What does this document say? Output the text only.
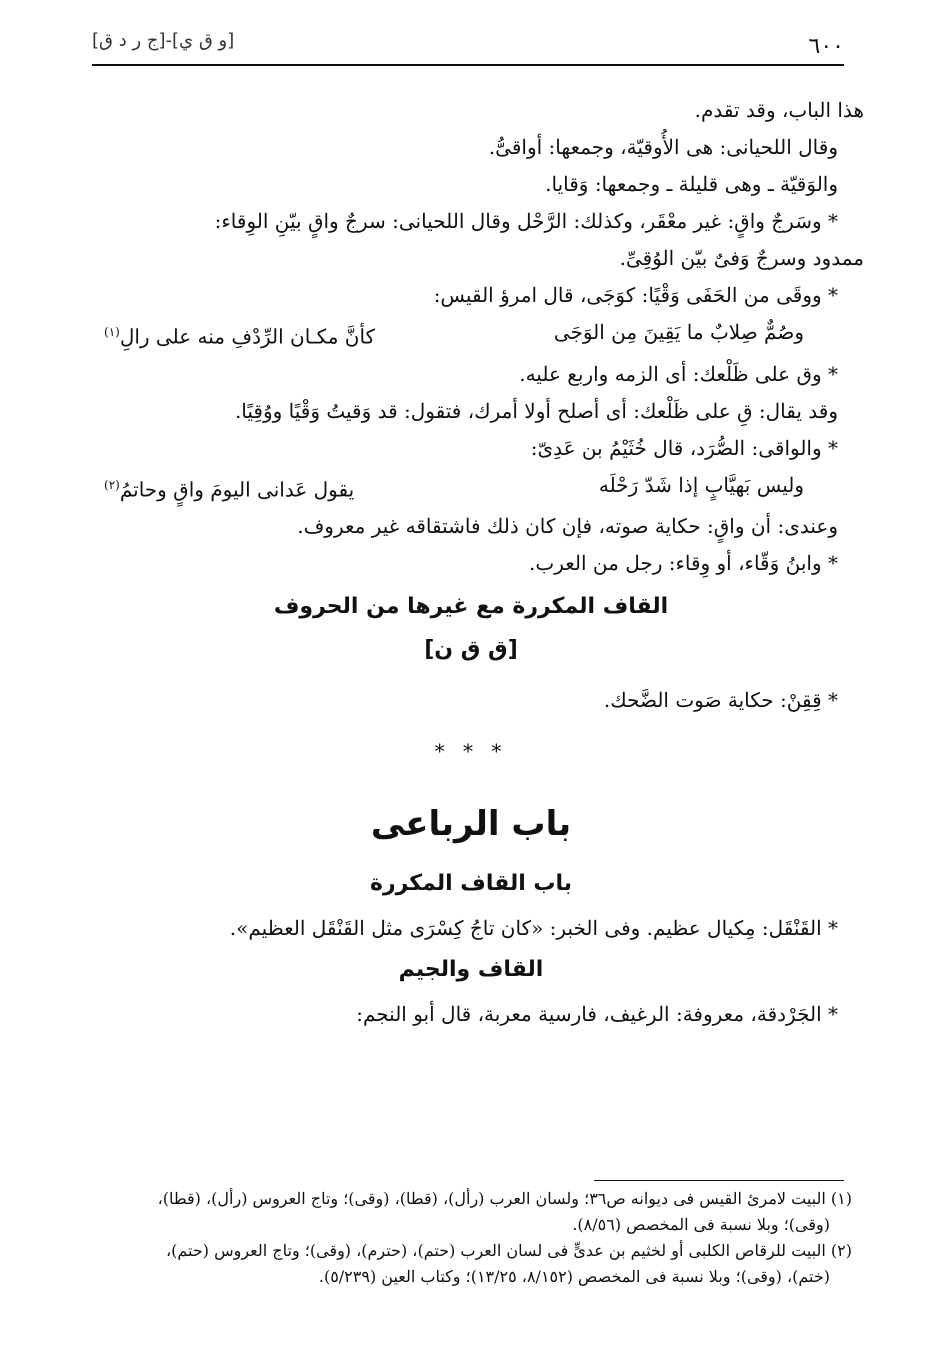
٦٠٠
[و ق ي]-[ج ر د ق]

هذا الباب، وقد تقدم.

وقال اللحيانى: هى الأُوقيّة، وجمعها: أواقىُّ.

والوَقيّة ـ وهى قليلة ـ وجمعها: وَقايا.

* وسَرجٌ واقٍ: غير معْقَر، وكذلك: الرَّحْل وقال اللحيانى: سرجٌ واقٍ بيّنِ الوِقاء:

ممدود وسرجٌ وَفىٌ بيّن الوُقِىِّ.

* ووقَى من الحَفَى وَقْيًا: كوَجَى، قال امرؤ القيس:

وصُمٌّ صِلابٌ ما يَقِينَ مِن الوَجَى
كأنَّ مكـان الرِّدْفِ منه على رالِ$^{(١)}$

* وق على ظَلْعك: أى الزمه واربع عليه.

وقد يقال: قِ على ظَلْعك: أى أصلح أولا أمرك، فتقول: قد وَقيتُ وَقْيًا ووُقِيًا.

* والواقى: الصُّرَد، قال خُثَيْمُ بن عَدِىّ:

وليس بَهيَّابٍ إذا شَدّ رَحْلَه
يقول عَدانى اليومَ واقٍ وحاتمُ$^{(٢)}$

وعندى: أن واقٍ: حكاية صوته، فإن كان ذلك فاشتقاقه غير معروف.

* وابنُ وَقّاء، أو وِقاء: رجل من العرب.

القاف المكررة مع غيرها من الحروف

[ق ق ن]

* قِقِنْ: حكاية صَوت الضَّحك.

* * *

باب الرباعى

باب القاف المكررة

* القَنْقَل: مِكيال عظيم. وفى الخبر: «كان تاجُ كِسْرَى مثل القَنْقَل العظيم».

القاف والجيم

* الجَرْدقة، معروفة: الرغيف، فارسية معربة، قال أبو النجم:

(١) البيت لامرئ القيس فى ديوانه ص٣٦؛ ولسان العرب (رأل)، (قطا)، (وقى)؛ وتاج العروس (رأل)، (قطا)،

(وقى)؛ وبلا نسبة فى المخصص (٨/٥٦).

(٢) البيت للرقاص الكلبى أو لخثيم بن عدىٍّ فى لسان العرب (حتم)، (حترم)، (وقى)؛ وتاج العروس (حتم)،

(ختم)، (وقى)؛ وبلا نسبة فى المخصص (٨/١٥٢، ١٣/٢٥)؛ وكتاب العين (٥/٢٣٩).
